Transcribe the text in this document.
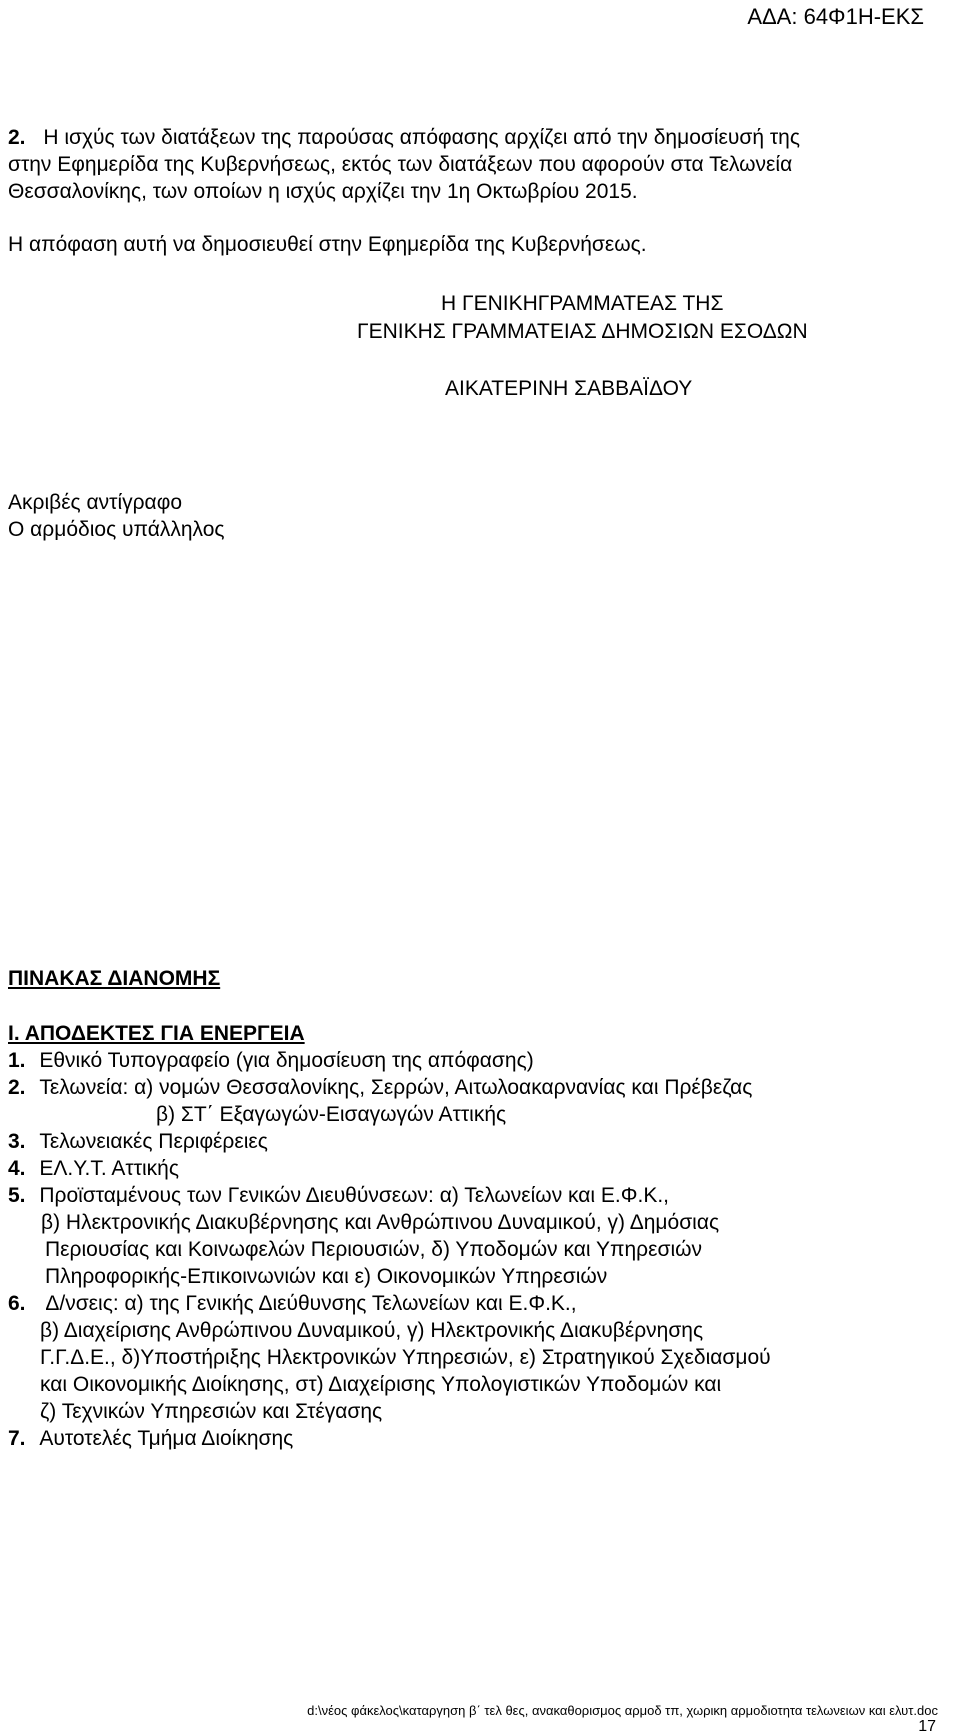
ΑΔΑ: 64Φ1Η-ΕΚΣ
2. Η ισχύς των διατάξεων της παρούσας απόφασης αρχίζει από την δημοσίευσή της
στην Εφημερίδα της Κυβερνήσεως, εκτός των διατάξεων που αφορούν στα Τελωνεία
Θεσσαλονίκης, των οποίων η ισχύς αρχίζει την 1η Οκτωβρίου 2015.
Η απόφαση αυτή να δημοσιευθεί στην Εφημερίδα της Κυβερνήσεως.
Η ΓΕΝΙΚΗΓΡΑΜΜΑΤΕΑΣ ΤΗΣ
ΓΕΝΙΚΗΣ ΓΡΑΜΜΑΤΕΙΑΣ ΔΗΜΟΣΙΩΝ ΕΣΟΔΩΝ
ΑΙΚΑΤΕΡΙΝΗ ΣΑΒΒΑΪΔΟΥ
Ακριβές αντίγραφο
Ο αρμόδιος υπάλληλος
ΠΙΝΑΚΑΣ ΔΙΑΝΟΜΗΣ
Ι. ΑΠΟΔΕΚΤΕΣ ΓΙΑ ΕΝΕΡΓΕΙΑ
1. Εθνικό Τυπογραφείο (για δημοσίευση της απόφασης)
2. Τελωνεία: α) νομών Θεσσαλονίκης, Σερρών, Αιτωλοακαρνανίας και Πρέβεζας
β) ΣΤ΄ Εξαγωγών-Εισαγωγών Αττικής
3. Τελωνειακές Περιφέρειες
4. ΕΛ.Υ.Τ. Αττικής
5. Προϊσταμένους των Γενικών Διευθύνσεων: α) Τελωνείων και Ε.Φ.Κ.,
β) Ηλεκτρονικής Διακυβέρνησης και Ανθρώπινου Δυναμικού, γ) Δημόσιας
Περιουσίας και Κοινωφελών Περιουσιών, δ) Υποδομών και Υπηρεσιών
Πληροφορικής-Επικοινωνιών και ε) Οικονομικών Υπηρεσιών
6. Δ/νσεις: α) της Γενικής Διεύθυνσης Τελωνείων και Ε.Φ.Κ.,
β) Διαχείρισης Ανθρώπινου Δυναμικού, γ) Ηλεκτρονικής Διακυβέρνησης
Γ.Γ.Δ.Ε., δ)Υποστήριξης Ηλεκτρονικών Υπηρεσιών, ε) Στρατηγικού Σχεδιασμού
και Οικονομικής Διοίκησης, στ) Διαχείρισης Υπολογιστικών Υποδομών και
ζ) Τεχνικών Υπηρεσιών και Στέγασης
7. Αυτοτελές Τμήμα Διοίκησης
d:\νέος φάκελος\καταργηση β΄ τελ θες, ανακαθορισμος αρμοδ τπ, χωρικη αρμοδιοτητα τελωνειων και ελυτ.doc
17
